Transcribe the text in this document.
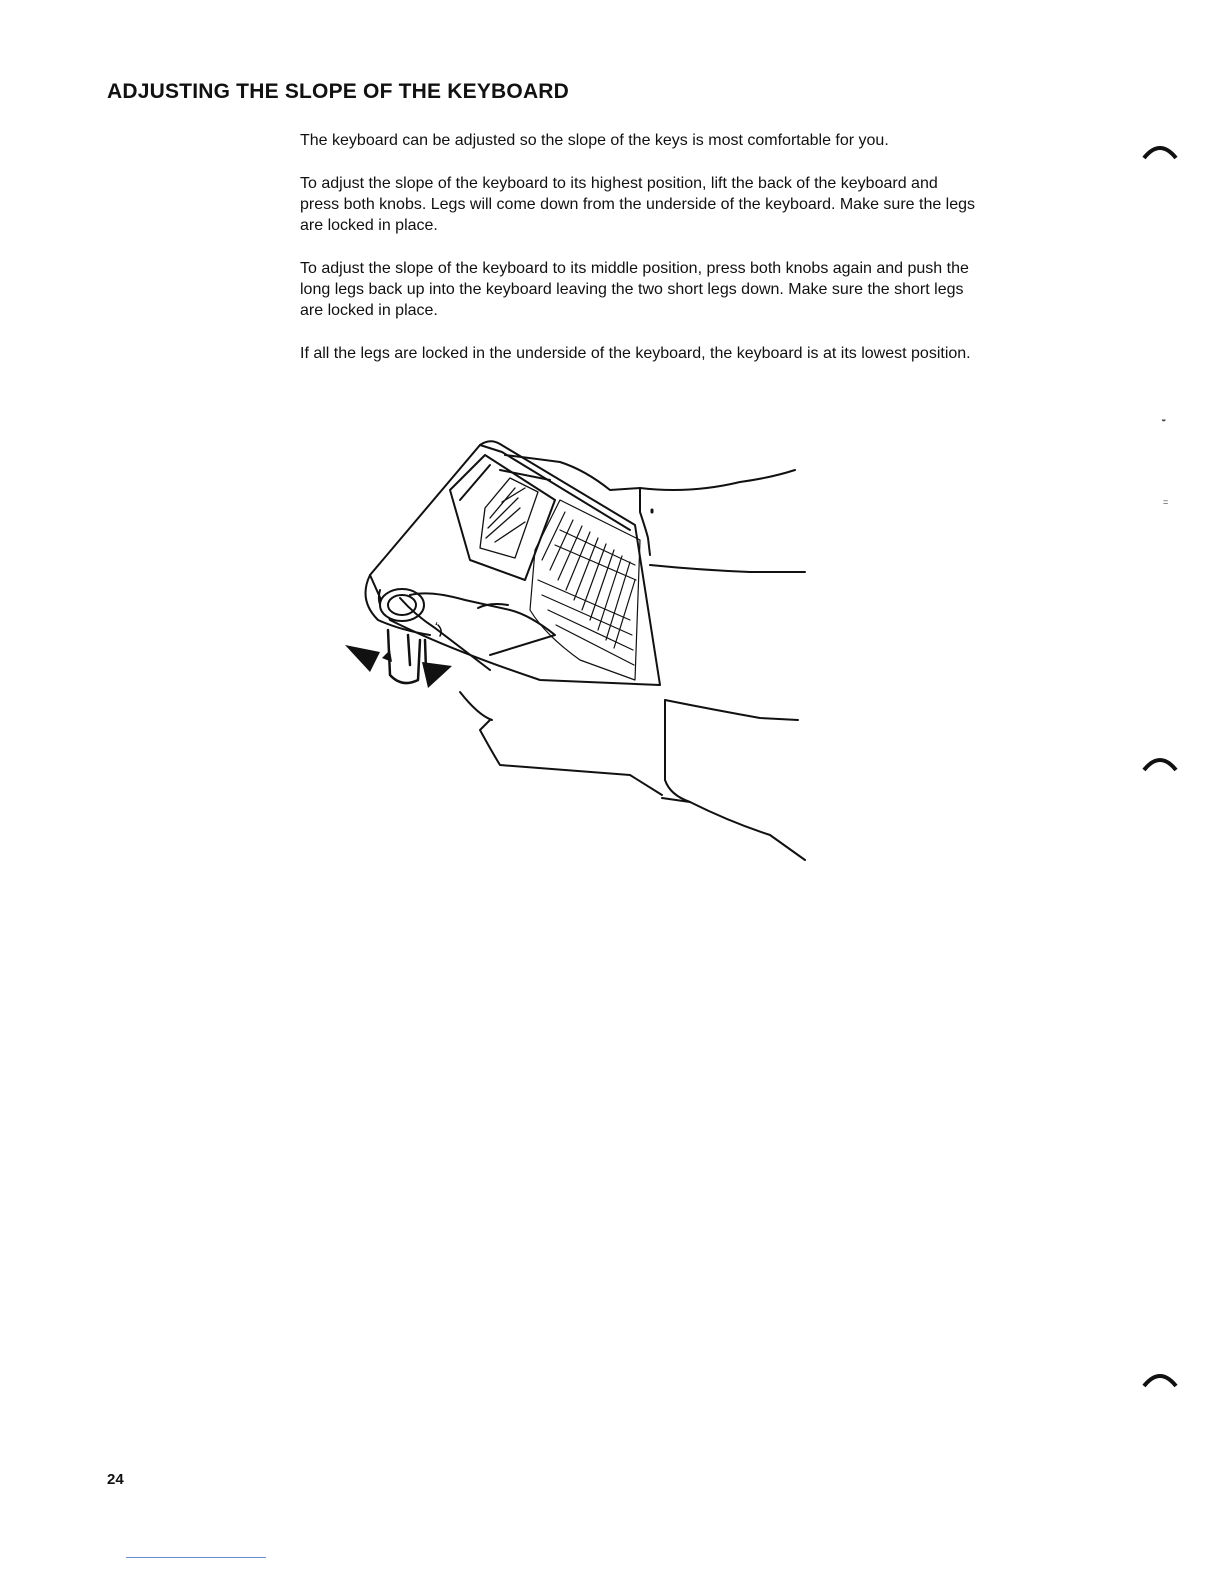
ADJUSTING THE SLOPE OF THE KEYBOARD

The keyboard can be adjusted so the slope of the keys is most comfortable for you.

To adjust the slope of the keyboard to its highest position, lift the back of the keyboard and press both knobs. Legs will come down from the underside of the keyboard. Make sure the legs are locked in place.

To adjust the slope of the keyboard to its middle position, press both knobs again and push the long legs back up into the keyboard leaving the two short legs down. Make sure the short legs are locked in place.

If all the legs are locked in the underside of the keyboard, the keyboard is at its lowest position.

ʻ
◒
=
24
